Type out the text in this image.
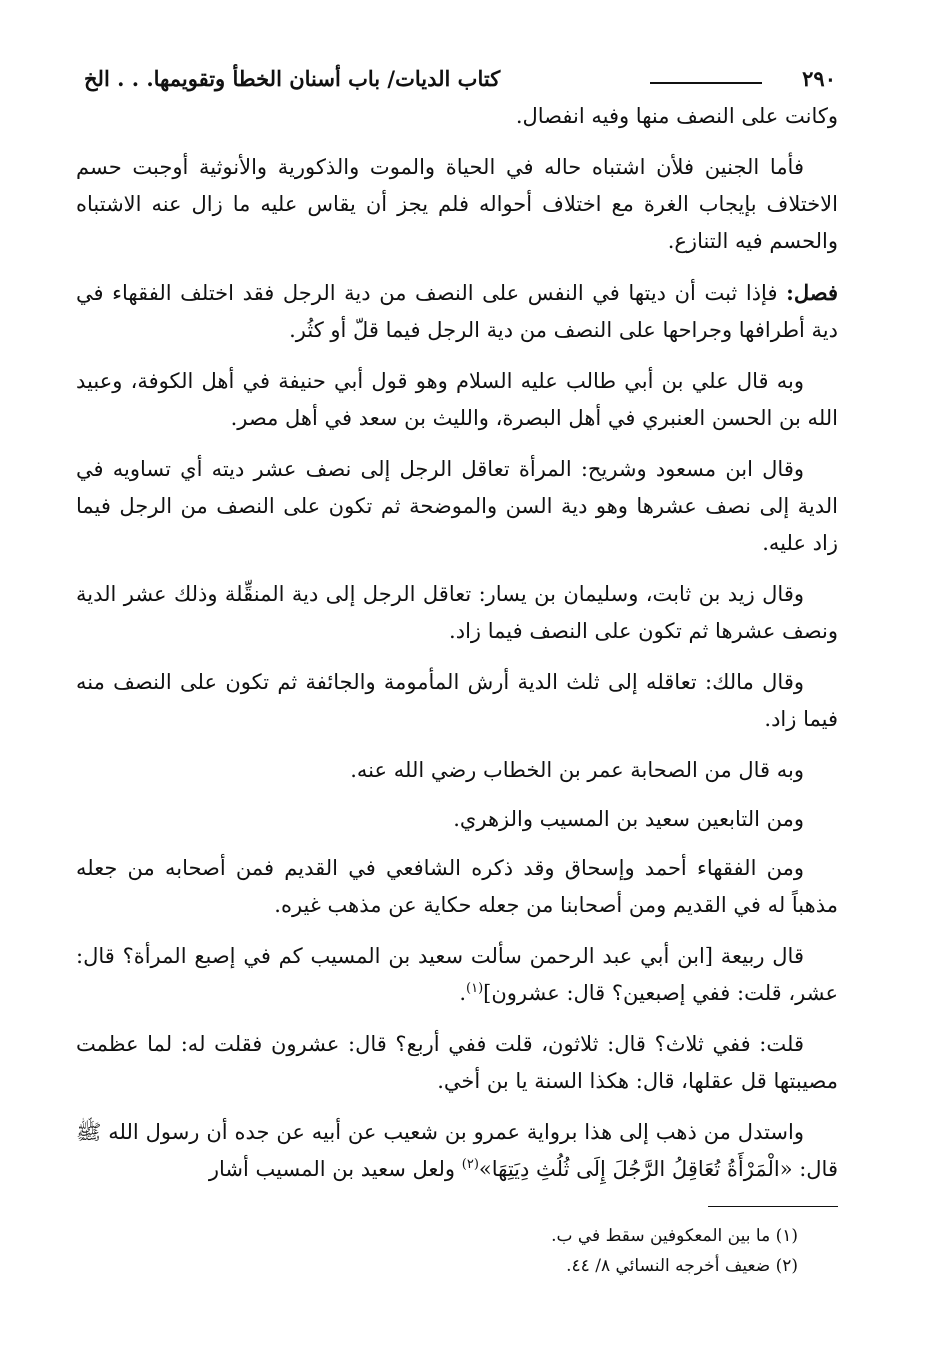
٢٩٠
كتاب الديات/ باب أسنان الخطأ وتقويمها. . . الخ

وكانت على النصف منها وفيه انفصال.

فأما الجنين فلأن اشتباه حاله في الحياة والموت والذكورية والأنوثية أوجبت حسم الاختلاف بإيجاب الغرة مع اختلاف أحواله فلم يجز أن يقاس عليه ما زال عنه الاشتباه والحسم فيه التنازع.

فصل: فإذا ثبت أن ديتها في النفس على النصف من دية الرجل فقد اختلف الفقهاء في دية أطرافها وجراحها على النصف من دية الرجل فيما قلّ أو كثُر.

وبه قال علي بن أبي طالب عليه السلام وهو قول أبي حنيفة في أهل الكوفة، وعبيد الله بن الحسن العنبري في أهل البصرة، والليث بن سعد في أهل مصر.

وقال ابن مسعود وشريح: المرأة تعاقل الرجل إلى نصف عشر ديته أي تساويه في الدية إلى نصف عشرها وهو دية السن والموضحة ثم تكون على النصف من الرجل فيما زاد عليه.

وقال زيد بن ثابت، وسليمان بن يسار: تعاقل الرجل إلى دية المنقِّلة وذلك عشر الدية ونصف عشرها ثم تكون على النصف فيما زاد.

وقال مالك: تعاقله إلى ثلث الدية أرش المأمومة والجائفة ثم تكون على النصف منه فيما زاد.

وبه قال من الصحابة عمر بن الخطاب رضي الله عنه.

ومن التابعين سعيد بن المسيب والزهري.

ومن الفقهاء أحمد وإسحاق وقد ذكره الشافعي في القديم فمن أصحابه من جعله مذهباً له في القديم ومن أصحابنا من جعله حكاية عن مذهب غيره.

قال ربيعة [ابن أبي عبد الرحمن سألت سعيد بن المسيب كم في إصبع المرأة؟ قال: عشر، قلت: ففي إصبعين؟ قال: عشرون]$^{(١)}$.

قلت: ففي ثلاث؟ قال: ثلاثون، قلت ففي أربع؟ قال: عشرون فقلت له: لما عظمت مصيبتها قل عقلها، قال: هكذا السنة يا بن أخي.

واستدل من ذهب إلى هذا برواية عمرو بن شعيب عن أبيه عن جده أن رسول الله ﷺ قال: «الْمَرْأَةُ تُعَاقِلُ الرَّجُلَ إِلَى ثُلُثِ دِيَتِهَا»$^{(٢)}$ ولعل سعيد بن المسيب أشار

(١) ما بين المعكوفين سقط في ب.
(٢) ضعيف أخرجه النسائي ٨/ ٤٤.
